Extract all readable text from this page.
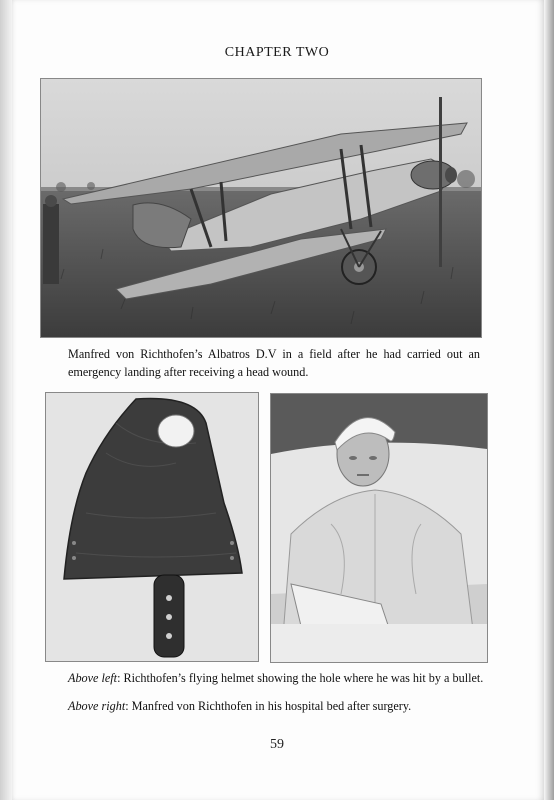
CHAPTER TWO
Manfred von Richthofen’s Albatros D.V in a field after he had carried out an emergency landing after receiving a head wound.
Above left: Richthofen’s flying helmet showing the hole where he was hit by a bullet.
Above right: Manfred von Richthofen in his hospital bed after surgery.
59
